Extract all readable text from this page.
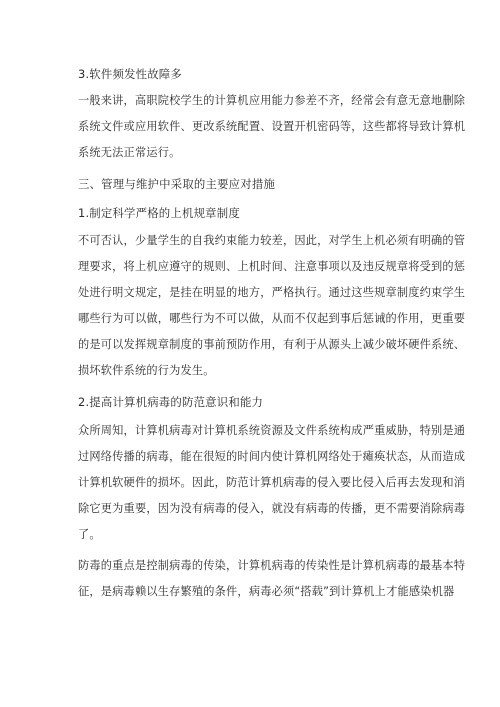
3.软件频发性故障多
一般来讲，高职院校学生的计算机应用能力参差不齐，经常会有意无意地删除
系统文件或应用软件、更改系统配置、设置开机密码等，这些都将导致计算机
系统无法正常运行。
三、管理与维护中采取的主要应对措施
1.制定科学严格的上机规章制度
不可否认，少量学生的自我约束能力较差，因此，对学生上机必须有明确的管
理要求，将上机应遵守的规则、上机时间、注意事项以及违反规章将受到的惩
处进行明文规定，是挂在明显的地方，严格执行。通过这些规章制度约束学生
哪些行为可以做，哪些行为不可以做，从而不仅起到事后惩诫的作用，更重要
的是可以发挥规章制度的事前预防作用，有利于从源头上减少破坏硬件系统、
损坏软件系统的行为发生。
2.提高计算机病毒的防范意识和能力
众所周知，计算机病毒对计算机系统资源及文件系统构成严重威胁，特别是通
过网络传播的病毒，能在很短的时间内使计算机网络处于瘫痪状态，从而造成
计算机软硬件的损坏。因此，防范计算机病毒的侵入要比侵入后再去发现和消
除它更为重要，因为没有病毒的侵入，就没有病毒的传播，更不需要消除病毒
了。
防毒的重点是控制病毒的传染，计算机病毒的传染性是计算机病毒的最基本特
征，是病毒赖以生存繁殖的条件，病毒必须“搭载”到计算机上才能感染机器
